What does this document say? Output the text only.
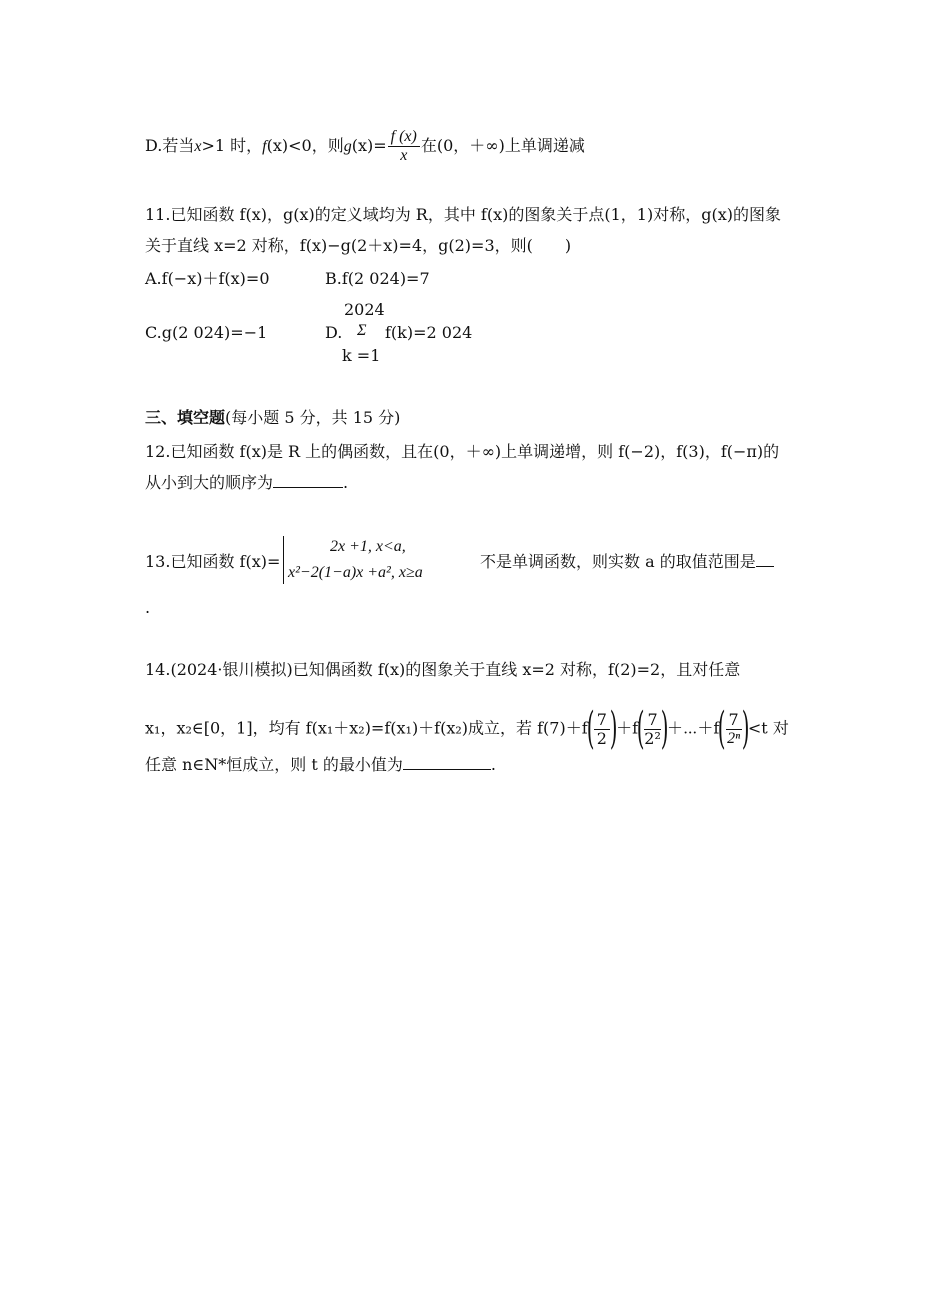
D.若当x>1 时，f(x)<0，则$g(x)= \frac{f (x)}{x}$ 在(0，＋∞)上单调递减
11.已知函数 f(x)，g(x)的定义域均为 R，其中 f(x)的图象关于点(1，1)对称，g(x)的图象
关于直线 x=2 对称，f(x)−g(2＋x)=4，g(2)=3，则(　　)
A.f(−x)＋f(x)=0	B.f(2 024)=7
C.g(2 024)=−1	D.
2024
Σ
k =1
f(k)=2 024
三、填空题(每小题 5 分，共 15 分)
12.已知函数 f(x)是 R 上的偶函数，且在(0，＋∞)上单调递增，则 f(−2)，f(3)，f(−π)的
从小到大的顺序为	.
13.已知函数 f(x)=
2x +1, x<a,
x²−2(1−a)x +a², x≥a
不是单调函数，则实数 a 的取值范围是
.
14.(2024·银川模拟)已知偶函数 f(x)的图象关于直线 x=2 对称，f(2)=2，且对任意
x₁，x₂∈[0，1]，均有 f(x₁＋x₂)=f(x₁)＋f(x₂)成立，若 $f(7)+f( \frac{7}{2} )+f( \frac{7}{\text{2²}}$ )＋⋯＋f( $\frac{7}{\text{2ⁿ}} )<t$ 对
任意 n∈N*恒成立，则 t 的最小值为	.
